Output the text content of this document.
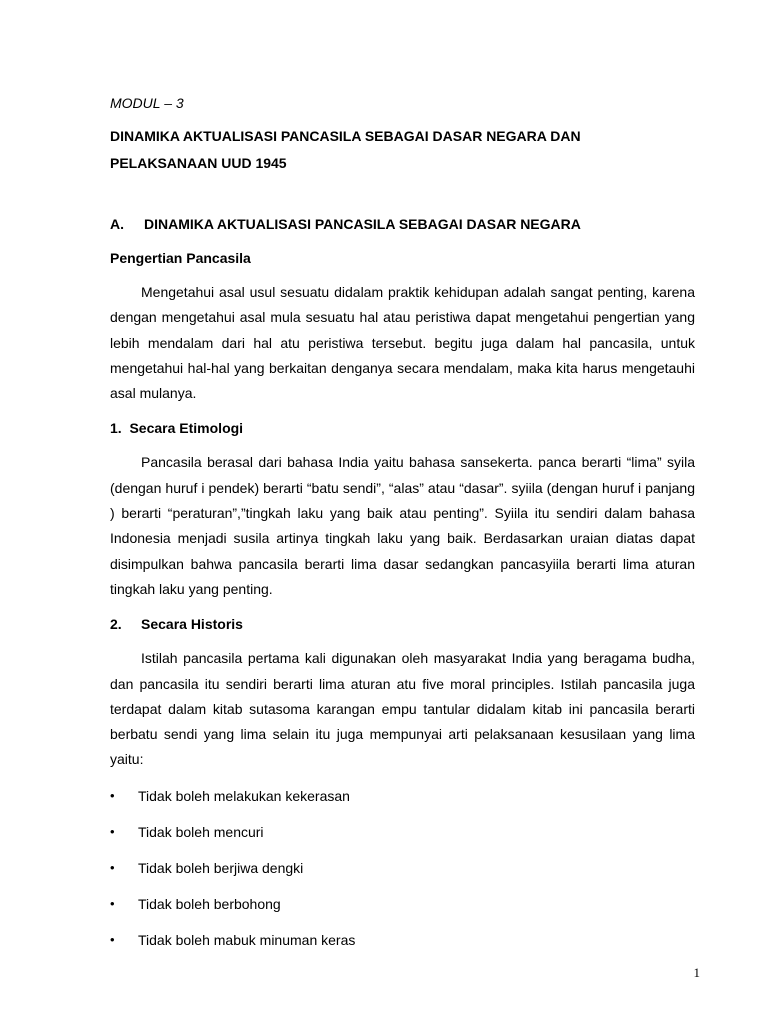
MODUL – 3
DINAMIKA AKTUALISASI PANCASILA SEBAGAI DASAR NEGARA DAN
PELAKSANAAN UUD 1945
A.	DINAMIKA AKTUALISASI PANCASILA SEBAGAI DASAR NEGARA
Pengertian Pancasila

Mengetahui asal usul sesuatu didalam praktik kehidupan adalah sangat penting, karena dengan mengetahui asal mula sesuatu hal atau peristiwa dapat mengetahui pengertian yang lebih mendalam dari hal atu peristiwa tersebut. begitu juga dalam hal pancasila, untuk mengetahui hal-hal yang berkaitan denganya secara mendalam, maka kita harus mengetauhi asal mulanya.

1. Secara Etimologi

Pancasila berasal dari bahasa India yaitu bahasa sansekerta. panca berarti “lima” syila (dengan huruf i pendek) berarti “batu sendi”, “alas” atau “dasar”. syiila (dengan huruf i panjang ) berarti “peraturan”,”tingkah laku yang baik atau penting”. Syiila itu sendiri dalam bahasa Indonesia menjadi susila artinya tingkah laku yang baik. Berdasarkan uraian diatas dapat disimpulkan bahwa pancasila berarti lima dasar sedangkan pancasyiila berarti lima aturan tingkah laku yang penting.

2.	Secara Historis

Istilah pancasila pertama kali digunakan oleh masyarakat India yang beragama budha, dan pancasila itu sendiri berarti lima aturan atu five moral principles. Istilah pancasila juga terdapat dalam kitab sutasoma karangan empu tantular didalam kitab ini pancasila berarti berbatu sendi yang lima selain itu juga mempunyai arti pelaksanaan kesusilaan yang lima yaitu:

•	Tidak boleh melakukan kekerasan
•	Tidak boleh mencuri
•	Tidak boleh berjiwa dengki
•	Tidak boleh berbohong
•	Tidak boleh mabuk minuman keras
1
